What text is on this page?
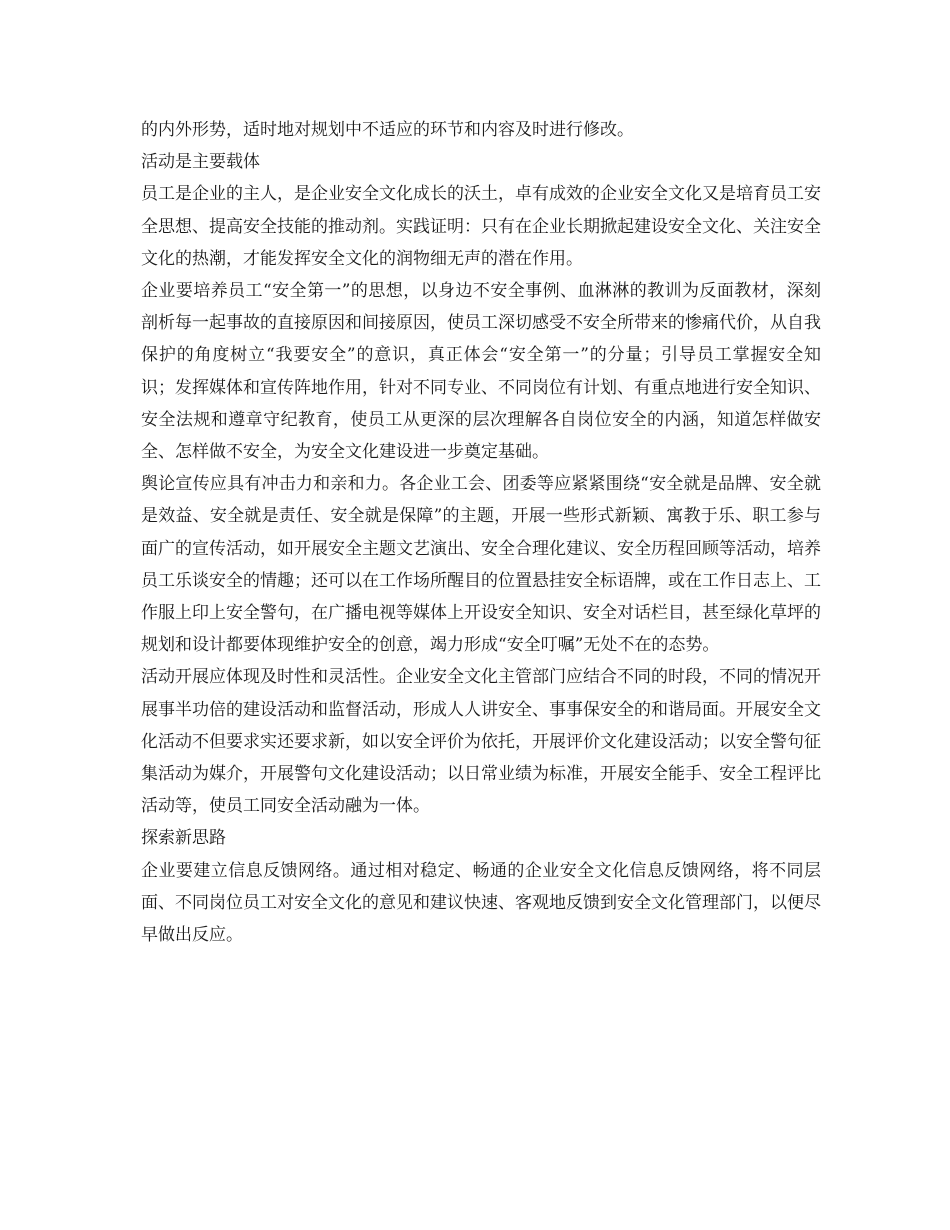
的内外形势，适时地对规划中不适应的环节和内容及时进行修改。

活动是主要载体

员工是企业的主人，是企业安全文化成长的沃土，卓有成效的企业安全文化又是培育员工安全思想、提高安全技能的推动剂。实践证明：只有在企业长期掀起建设安全文化、关注安全文化的热潮，才能发挥安全文化的润物细无声的潜在作用。

企业要培养员工“安全第一”的思想，以身边不安全事例、血淋淋的教训为反面教材，深刻剖析每一起事故的直接原因和间接原因，使员工深切感受不安全所带来的惨痛代价，从自我保护的角度树立“我要安全”的意识，真正体会“安全第一”的分量；引导员工掌握安全知识；发挥媒体和宣传阵地作用，针对不同专业、不同岗位有计划、有重点地进行安全知识、安全法规和遵章守纪教育，使员工从更深的层次理解各自岗位安全的内涵，知道怎样做安全、怎样做不安全，为安全文化建设进一步奠定基础。

舆论宣传应具有冲击力和亲和力。各企业工会、团委等应紧紧围绕“安全就是品牌、安全就是效益、安全就是责任、安全就是保障”的主题，开展一些形式新颖、寓教于乐、职工参与面广的宣传活动，如开展安全主题文艺演出、安全合理化建议、安全历程回顾等活动，培养员工乐谈安全的情趣；还可以在工作场所醒目的位置悬挂安全标语牌，或在工作日志上、工作服上印上安全警句，在广播电视等媒体上开设安全知识、安全对话栏目，甚至绿化草坪的规划和设计都要体现维护安全的创意，竭力形成“安全叮嘱”无处不在的态势。

活动开展应体现及时性和灵活性。企业安全文化主管部门应结合不同的时段，不同的情况开展事半功倍的建设活动和监督活动，形成人人讲安全、事事保安全的和谐局面。开展安全文化活动不但要求实还要求新，如以安全评价为依托，开展评价文化建设活动；以安全警句征集活动为媒介，开展警句文化建设活动；以日常业绩为标准，开展安全能手、安全工程评比活动等，使员工同安全活动融为一体。

探索新思路

企业要建立信息反馈网络。通过相对稳定、畅通的企业安全文化信息反馈网络，将不同层面、不同岗位员工对安全文化的意见和建议快速、客观地反馈到安全文化管理部门，以便尽早做出反应。
